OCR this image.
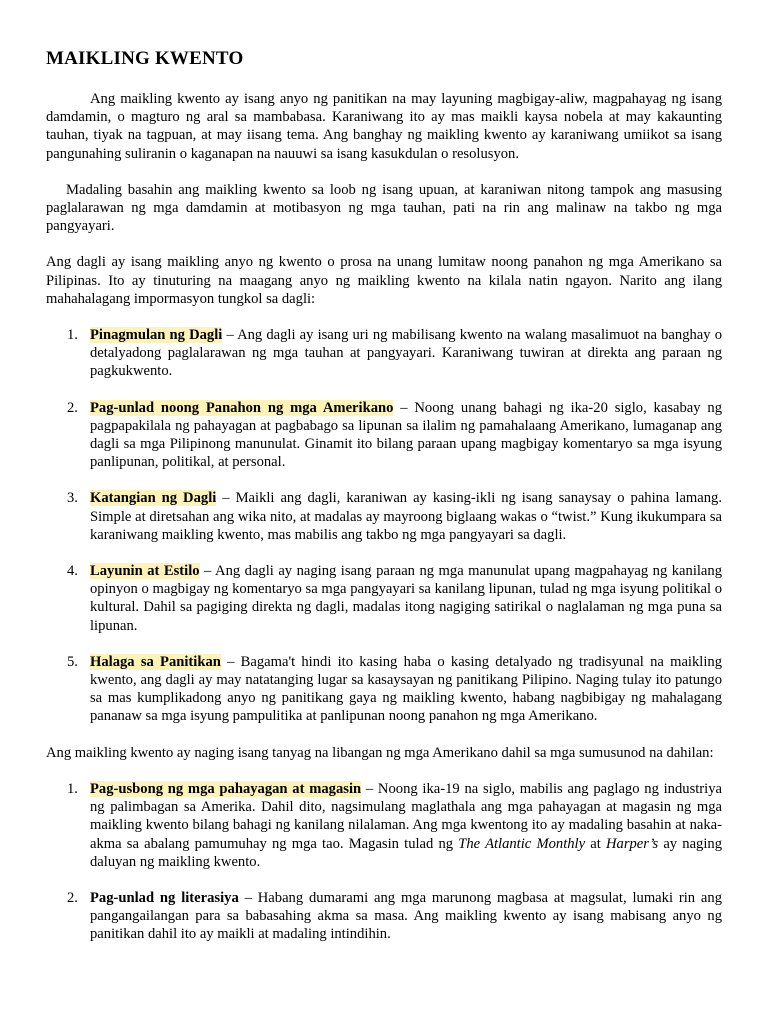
MAIKLING KWENTO

Ang maikling kwento ay isang anyo ng panitikan na may layuning magbigay-aliw, magpahayag ng isang damdamin, o magturo ng aral sa mambabasa. Karaniwang ito ay mas maikli kaysa nobela at may kakaunting tauhan, tiyak na tagpuan, at may iisang tema. Ang banghay ng maikling kwento ay karaniwang umiikot sa isang pangunahing suliranin o kaganapan na nauuwi sa isang kasukdulan o resolusyon.

Madaling basahin ang maikling kwento sa loob ng isang upuan, at karaniwan nitong tampok ang masusing paglalarawan ng mga damdamin at motibasyon ng mga tauhan, pati na rin ang malinaw na takbo ng mga pangyayari.

Ang dagli ay isang maikling anyo ng kwento o prosa na unang lumitaw noong panahon ng mga Amerikano sa Pilipinas. Ito ay tinuturing na maagang anyo ng maikling kwento na kilala natin ngayon. Narito ang ilang mahahalagang impormasyon tungkol sa dagli:

1. Pinagmulan ng Dagli – Ang dagli ay isang uri ng mabilisang kwento na walang masalimuot na banghay o detalyadong paglalarawan ng mga tauhan at pangyayari. Karaniwang tuwiran at direkta ang paraan ng pagkukwento.
2. Pag-unlad noong Panahon ng mga Amerikano – Noong unang bahagi ng ika-20 siglo, kasabay ng pagpapakilala ng pahayagan at pagbabago sa lipunan sa ilalim ng pamahalaang Amerikano, lumaganap ang dagli sa mga Pilipinong manunulat. Ginamit ito bilang paraan upang magbigay komentaryo sa mga isyung panlipunan, politikal, at personal.
3. Katangian ng Dagli – Maikli ang dagli, karaniwan ay kasing-ikli ng isang sanaysay o pahina lamang. Simple at diretsahan ang wika nito, at madalas ay mayroong biglaang wakas o “twist.” Kung ikukumpara sa karaniwang maikling kwento, mas mabilis ang takbo ng mga pangyayari sa dagli.
4. Layunin at Estilo – Ang dagli ay naging isang paraan ng mga manunulat upang magpahayag ng kanilang opinyon o magbigay ng komentaryo sa mga pangyayari sa kanilang lipunan, tulad ng mga isyung politikal o kultural. Dahil sa pagiging direkta ng dagli, madalas itong nagiging satirikal o naglalaman ng mga puna sa lipunan.
5. Halaga sa Panitikan – Bagama't hindi ito kasing haba o kasing detalyado ng tradisyunal na maikling kwento, ang dagli ay may natatanging lugar sa kasaysayan ng panitikang Pilipino. Naging tulay ito patungo sa mas kumplikadong anyo ng panitikang gaya ng maikling kwento, habang nagbibigay ng mahalagang pananaw sa mga isyung pampulitika at panlipunan noong panahon ng mga Amerikano.

Ang maikling kwento ay naging isang tanyag na libangan ng mga Amerikano dahil sa mga sumusunod na dahilan:

1. Pag-usbong ng mga pahayagan at magasin – Noong ika-19 na siglo, mabilis ang paglago ng industriya ng palimbagan sa Amerika. Dahil dito, nagsimulang maglathala ang mga pahayagan at magasin ng mga maikling kwento bilang bahagi ng kanilang nilalaman. Ang mga kwentong ito ay madaling basahin at naka-akma sa abalang pamumuhay ng mga tao. Magasin tulad ng The Atlantic Monthly at Harper’s ay naging daluyan ng maikling kwento.
2. Pag-unlad ng literasiya – Habang dumarami ang mga marunong magbasa at magsulat, lumaki rin ang pangangailangan para sa babasahing akma sa masa. Ang maikling kwento ay isang mabisang anyo ng panitikan dahil ito ay maikli at madaling intindihin.
